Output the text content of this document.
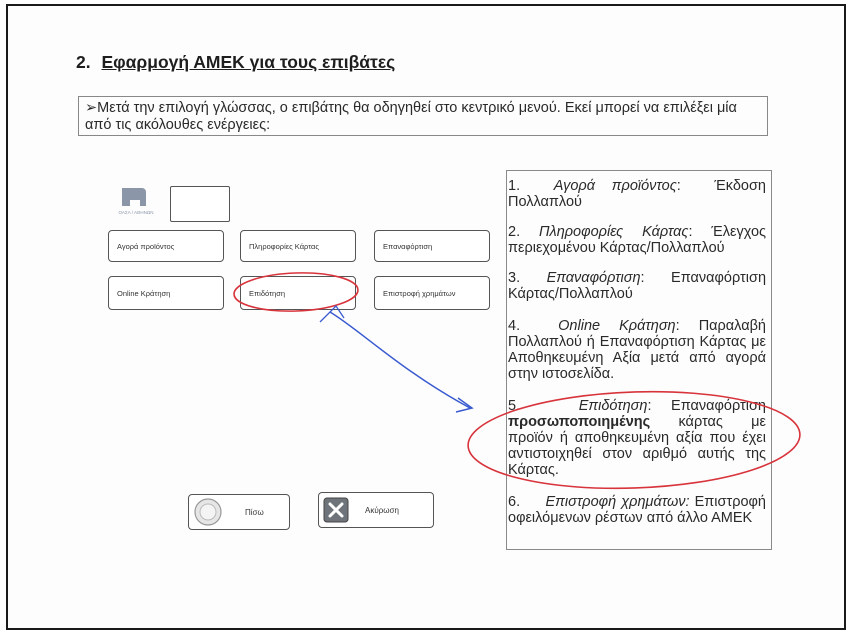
2. Εφαρμογή ΑΜΕΚ για τους επιβάτες
➢Μετά την επιλογή γλώσσας, ο επιβάτης θα οδηγηθεί στο κεντρικό μενού. Εκεί μπορεί να επιλέξει μία από τις ακόλουθες ενέργειες:
ΟΑΣΑ / ΑΘΗΝΩΝ
Αγορά προϊόντος	Πληροφορίες Κάρτας	Επαναφόρτιση
Online Κράτηση	Επιδότηση	Επιστροφή χρημάτων
Πίσω	Ακύρωση
1. Αγορά προϊόντος:  Έκδοση Πολλαπλού
2. Πληροφορίες Κάρτας: Έλεγχος περιεχομένου Κάρτας/Πολλαπλού
3. Επαναφόρτιση: Επαναφόρτιση Κάρτας/Πολλαπλού
4.	Online Κράτηση: Παραλαβή Πολλαπλού ή Επαναφόρτιση Κάρτας με Αποθηκευμένη Αξία μετά από αγορά στην ιστοσελίδα.
5.	Επιδότηση: Επαναφόρτιση προσωποποιημένης κάρτας με προϊόν ή αποθηκευμένη αξία που έχει αντιστοιχηθεί στον αριθμό αυτής της Κάρτας.
6. Επιστροφή χρημάτων: Επιστροφή οφειλόμενων ρέστων από άλλο ΑΜΕΚ
